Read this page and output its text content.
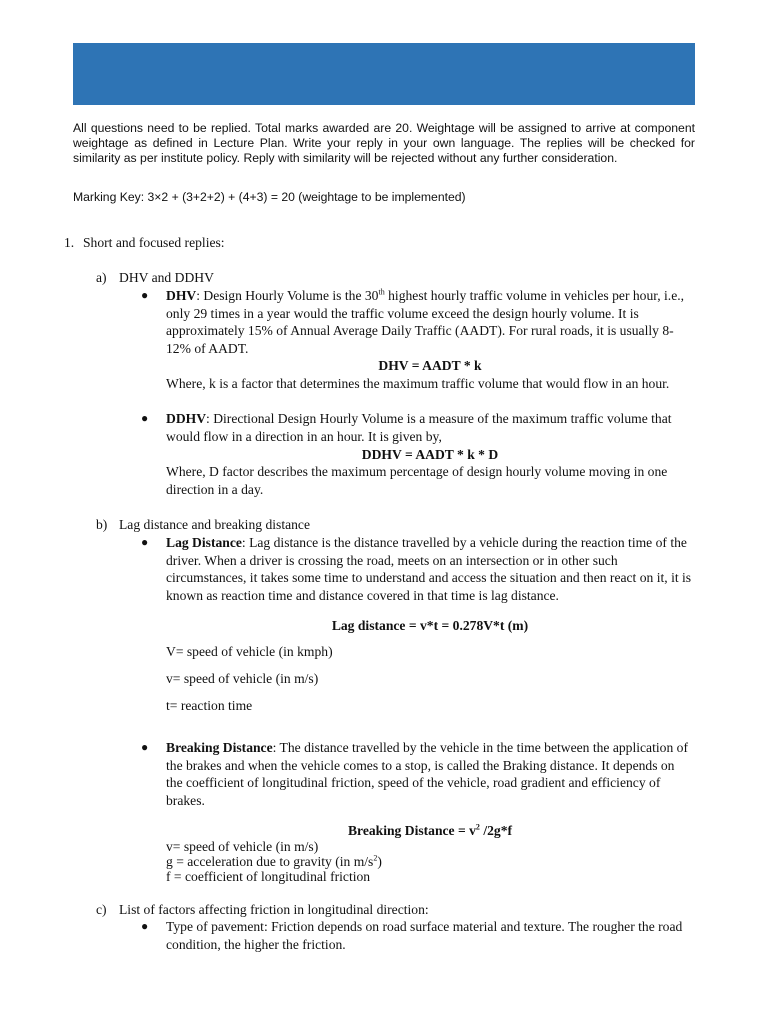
All questions need to be replied. Total marks awarded are 20. Weightage will be assigned to arrive at component weightage as defined in Lecture Plan. Write your reply in your own language. The replies will be checked for similarity as per institute policy. Reply with similarity will be rejected without any further consideration.
Marking Key: 3×2 + (3+2+2) + (4+3) = 20 (weightage to be implemented)
1. Short and focused replies:
a) DHV and DDHV
● DHV: Design Hourly Volume is the 30th highest hourly traffic volume in vehicles per hour, i.e., only 29 times in a year would the traffic volume exceed the design hourly volume. It is approximately 15% of Annual Average Daily Traffic (AADT). For rural roads, it is usually 8-12% of AADT.
DHV = AADT * k
Where, k is a factor that determines the maximum traffic volume that would flow in an hour.
● DDHV: Directional Design Hourly Volume is a measure of the maximum traffic volume that would flow in a direction in an hour. It is given by,
DDHV = AADT * k * D
Where, D factor describes the maximum percentage of design hourly volume moving in one direction in a day.
b) Lag distance and breaking distance
● Lag Distance: Lag distance is the distance travelled by a vehicle during the reaction time of the driver. When a driver is crossing the road, meets on an intersection or in other such circumstances, it takes some time to understand and access the situation and then react on it, it is known as reaction time and distance covered in that time is lag distance.
Lag distance = v*t = 0.278V*t (m)
V= speed of vehicle (in kmph)
v= speed of vehicle (in m/s)
t= reaction time
● Breaking Distance: The distance travelled by the vehicle in the time between the application of the brakes and when the vehicle comes to a stop, is called the Braking distance. It depends on the coefficient of longitudinal friction, speed of the vehicle, road gradient and efficiency of brakes.
Breaking Distance = $v^2$ /2g*f
v= speed of vehicle (in m/s)
g = acceleration due to gravity (in $m/s^2$)
f = coefficient of longitudinal friction
c) List of factors affecting friction in longitudinal direction:
● Type of pavement: Friction depends on road surface material and texture. The rougher the road condition, the higher the friction.
